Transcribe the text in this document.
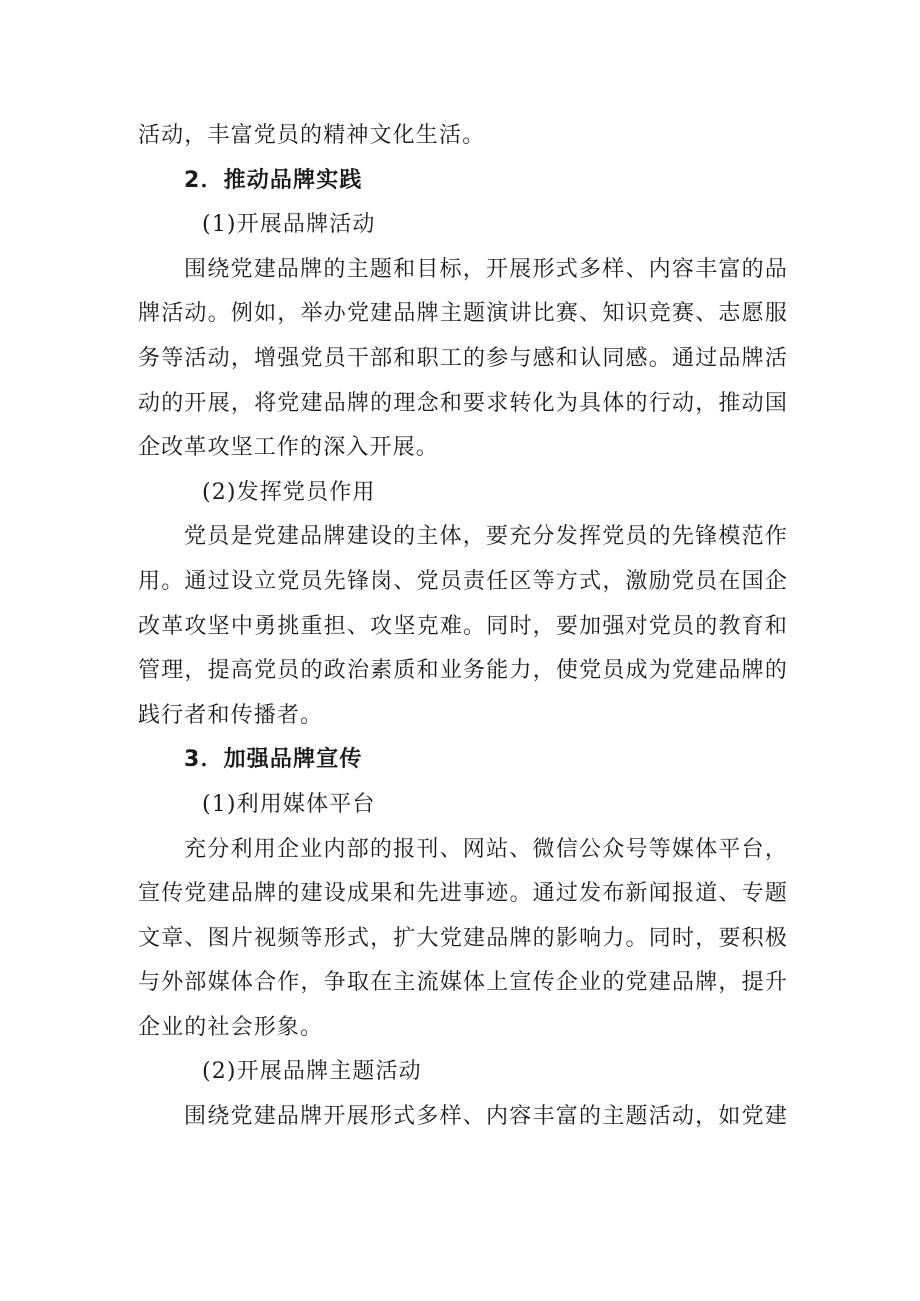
活动，丰富党员的精神文化生活。
2．推动品牌实践
(1)开展品牌活动
围绕党建品牌的主题和目标，开展形式多样、内容丰富的品
牌活动。例如，举办党建品牌主题演讲比赛、知识竞赛、志愿服
务等活动，增强党员干部和职工的参与感和认同感。通过品牌活
动的开展，将党建品牌的理念和要求转化为具体的行动，推动国
企改革攻坚工作的深入开展。
(2)发挥党员作用
党员是党建品牌建设的主体，要充分发挥党员的先锋模范作
用。通过设立党员先锋岗、党员责任区等方式，激励党员在国企
改革攻坚中勇挑重担、攻坚克难。同时，要加强对党员的教育和
管理，提高党员的政治素质和业务能力，使党员成为党建品牌的
践行者和传播者。
3．加强品牌宣传
(1)利用媒体平台
充分利用企业内部的报刊、网站、微信公众号等媒体平台，
宣传党建品牌的建设成果和先进事迹。通过发布新闻报道、专题
文章、图片视频等形式，扩大党建品牌的影响力。同时，要积极
与外部媒体合作，争取在主流媒体上宣传企业的党建品牌，提升
企业的社会形象。
(2)开展品牌主题活动
围绕党建品牌开展形式多样、内容丰富的主题活动，如党建
